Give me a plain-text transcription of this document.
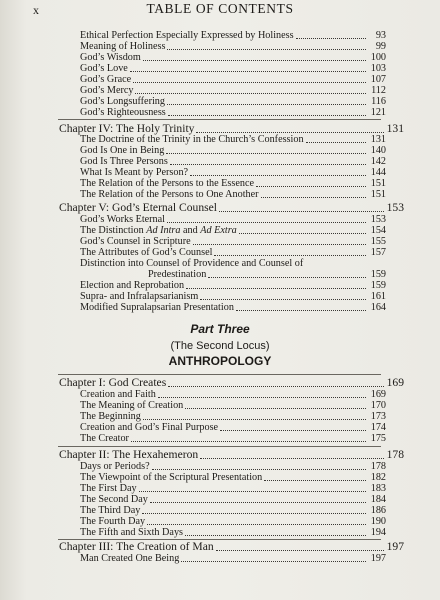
x	TABLE OF CONTENTS
Ethical Perfection Especially Expressed by Holiness	93
Meaning of Holiness	99
God’s Wisdom	100
God’s Love	103
God’s Grace	107
God’s Mercy	112
God’s Longsuffering	116
God’s Righteousness	121
Chapter IV: The Holy Trinity	131
The Doctrine of the Trinity in the Church’s Confession	131
God Is One in Being	140
God Is Three Persons	142
What Is Meant by Person?	144
The Relation of the Persons to the Essence	151
The Relation of the Persons to One Another	151
Chapter V: God’s Eternal Counsel	153
God’s Works Eternal	153
The Distinction Ad Intra and Ad Extra	154
God’s Counsel in Scripture	155
The Attributes of God’s Counsel	157
Distinction into Counsel of Providence and Counsel of
Predestination	159
Election and Reprobation	159
Supra- and Infralapsarianism	161
Modified Supralapsarian Presentation	164
Part Three
(The Second Locus)
ANTHROPOLOGY
Chapter I: God Creates	169
Creation and Faith	169
The Meaning of Creation	170
The Beginning	173
Creation and God’s Final Purpose	174
The Creator	175
Chapter II: The Hexahemeron	178
Days or Periods?	178
The Viewpoint of the Scriptural Presentation	182
The First Day	183
The Second Day	184
The Third Day	186
The Fourth Day	190
The Fifth and Sixth Days	194
Chapter III: The Creation of Man	197
Man Created One Being	197
